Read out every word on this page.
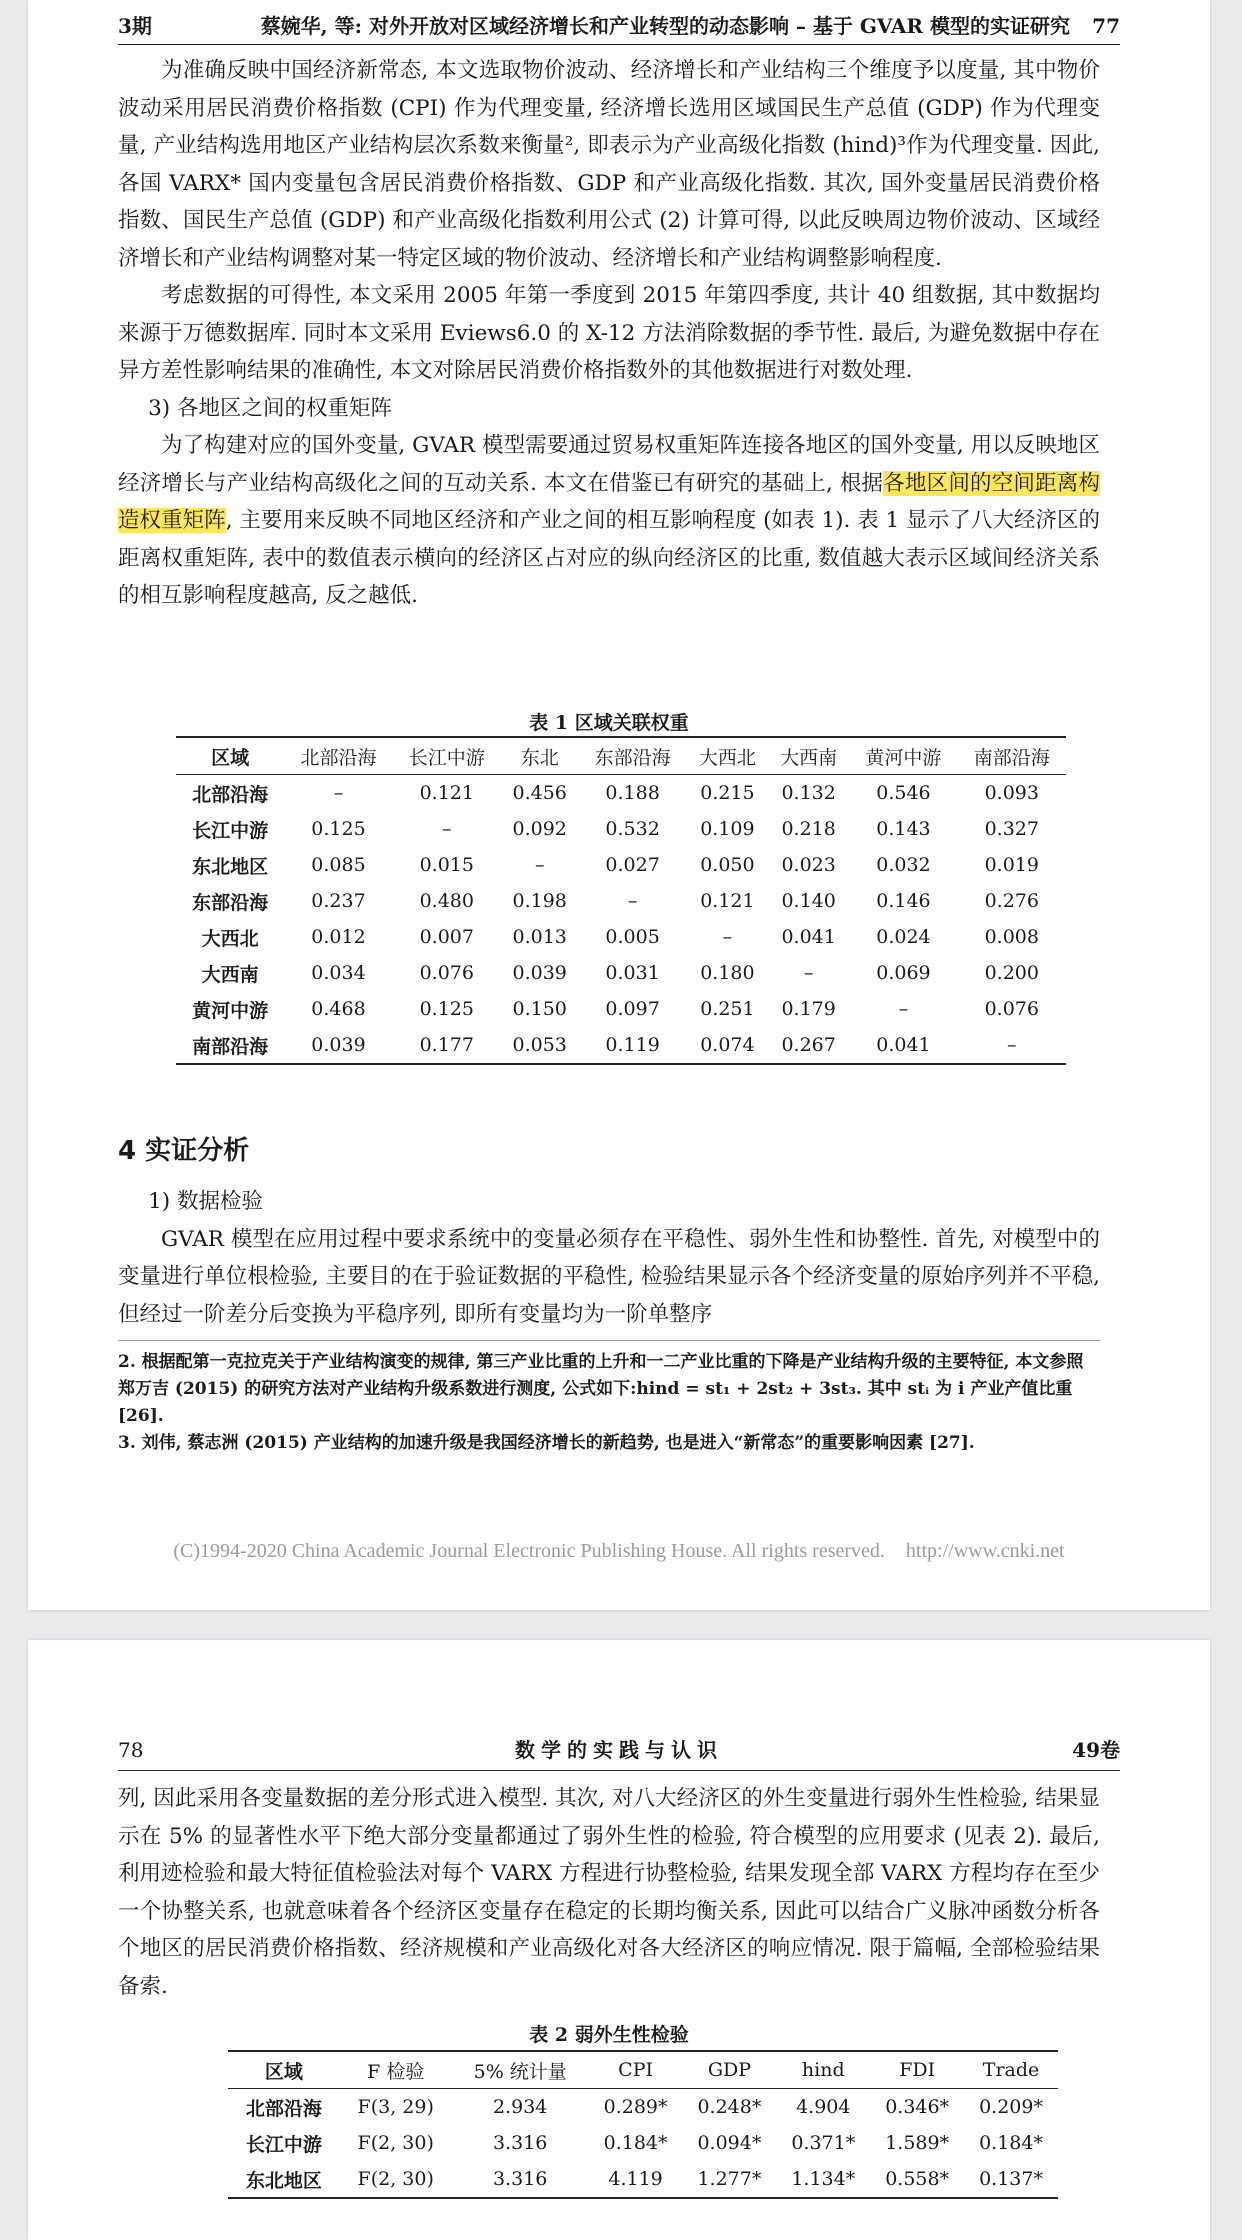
3期	蔡婉华, 等: 对外开放对区域经济增长和产业转型的动态影响 – 基于 GVAR 模型的实证研究	77

为准确反映中国经济新常态, 本文选取物价波动、经济增长和产业结构三个维度予以度量, 其中物价波动采用居民消费价格指数 (CPI) 作为代理变量, 经济增长选用区域国民生产总值 (GDP) 作为代理变量, 产业结构选用地区产业结构层次系数来衡量², 即表示为产业高级化指数 (hind)³作为代理变量. 因此, 各国 VARX* 国内变量包含居民消费价格指数、GDP 和产业高级化指数. 其次, 国外变量居民消费价格指数、国民生产总值 (GDP) 和产业高级化指数利用公式 (2) 计算可得, 以此反映周边物价波动、区域经济增长和产业结构调整对某一特定区域的物价波动、经济增长和产业结构调整影响程度.

考虑数据的可得性, 本文采用 2005 年第一季度到 2015 年第四季度, 共计 40 组数据, 其中数据均来源于万德数据库. 同时本文采用 Eviews6.0 的 X-12 方法消除数据的季节性. 最后, 为避免数据中存在异方差性影响结果的准确性, 本文对除居民消费价格指数外的其他数据进行对数处理.

3) 各地区之间的权重矩阵

为了构建对应的国外变量, GVAR 模型需要通过贸易权重矩阵连接各地区的国外变量, 用以反映地区经济增长与产业结构高级化之间的互动关系. 本文在借鉴已有研究的基础上, 根据各地区间的空间距离构造权重矩阵, 主要用来反映不同地区经济和产业之间的相互影响程度 (如表 1). 表 1 显示了八大经济区的距离权重矩阵, 表中的数值表示横向的经济区占对应的纵向经济区的比重, 数值越大表示区域间经济关系的相互影响程度越高, 反之越低.

表 1 区域关联权重
区域	北部沿海	长江中游	东北	东部沿海	大西北	大西南	黄河中游	南部沿海
北部沿海	–	0.121	0.456	0.188	0.215	0.132	0.546	0.093
长江中游	0.125	–	0.092	0.532	0.109	0.218	0.143	0.327
东北地区	0.085	0.015	–	0.027	0.050	0.023	0.032	0.019
东部沿海	0.237	0.480	0.198	–	0.121	0.140	0.146	0.276
大西北	0.012	0.007	0.013	0.005	–	0.041	0.024	0.008
大西南	0.034	0.076	0.039	0.031	0.180	–	0.069	0.200
黄河中游	0.468	0.125	0.150	0.097	0.251	0.179	–	0.076
南部沿海	0.039	0.177	0.053	0.119	0.074	0.267	0.041	–
4 实证分析

1) 数据检验

GVAR 模型在应用过程中要求系统中的变量必须存在平稳性、弱外生性和协整性. 首先, 对模型中的变量进行单位根检验, 主要目的在于验证数据的平稳性, 检验结果显示各个经济变量的原始序列并不平稳, 但经过一阶差分后变换为平稳序列, 即所有变量均为一阶单整序

2. 根据配第一克拉克关于产业结构演变的规律, 第三产业比重的上升和一二产业比重的下降是产业结构升级的主要特征, 本文参照郑万吉 (2015) 的研究方法对产业结构升级系数进行测度, 公式如下:hind = st₁ + 2st₂ + 3st₃. 其中 stᵢ 为 i 产业产值比重 [26].

3. 刘伟, 蔡志洲 (2015) 产业结构的加速升级是我国经济增长的新趋势, 也是进入“新常态”的重要影响因素 [27].

(C)1994-2020 China Academic Journal Electronic Publishing House. All rights reserved. http://www.cnki.net
78	数学的实践与认识	49卷

列, 因此采用各变量数据的差分形式进入模型. 其次, 对八大经济区的外生变量进行弱外生性检验, 结果显示在 5% 的显著性水平下绝大部分变量都通过了弱外生性的检验, 符合模型的应用要求 (见表 2). 最后, 利用迹检验和最大特征值检验法对每个 VARX 方程进行协整检验, 结果发现全部 VARX 方程均存在至少一个协整关系, 也就意味着各个经济区变量存在稳定的长期均衡关系, 因此可以结合广义脉冲函数分析各个地区的居民消费价格指数、经济规模和产业高级化对各大经济区的响应情况. 限于篇幅, 全部检验结果备索.

表 2 弱外生性检验
区域	F 检验	5% 统计量	CPI	GDP	hind	FDI	Trade
北部沿海	F(3, 29)	2.934	0.289*	0.248*	4.904	0.346*	0.209*
长江中游	F(2, 30)	3.316	0.184*	0.094*	0.371*	1.589*	0.184*
东北地区	F(2, 30)	3.316	4.119	1.277*	1.134*	0.558*	0.137*
